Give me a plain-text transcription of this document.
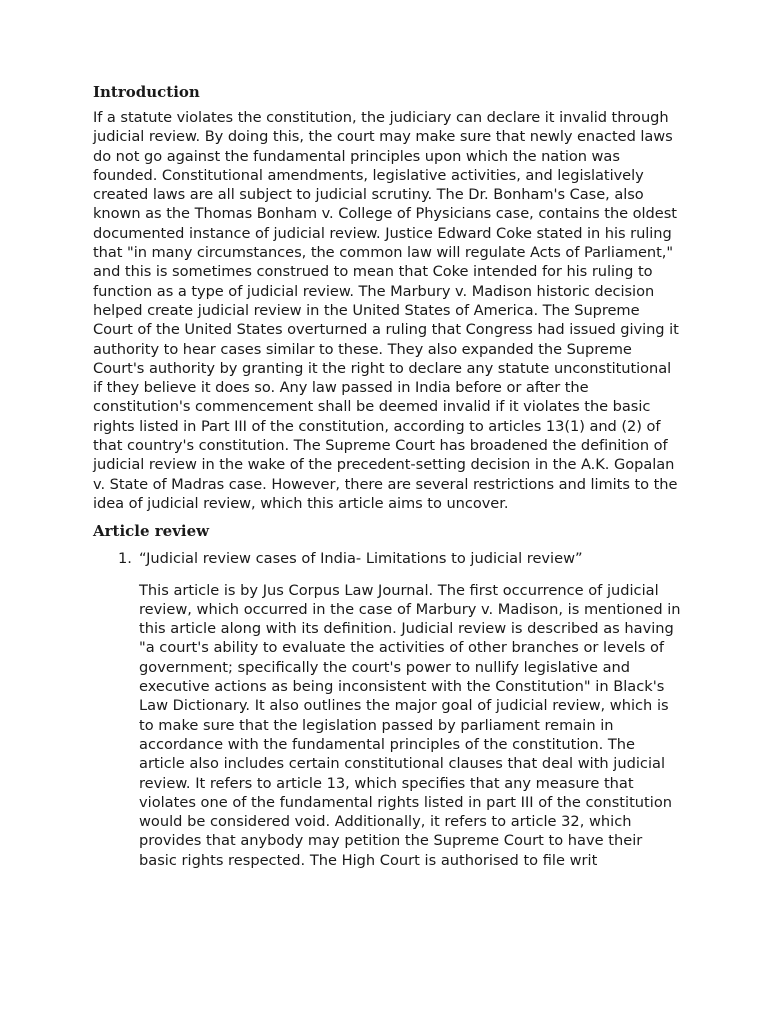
Introduction

If a statute violates the constitution, the judiciary can declare it invalid through judicial review. By doing this, the court may make sure that newly enacted laws do not go against the fundamental principles upon which the nation was founded. Constitutional amendments, legislative activities, and legislatively created laws are all subject to judicial scrutiny. The Dr. Bonham's Case, also known as the Thomas Bonham v. College of Physicians case, contains the oldest documented instance of judicial review. Justice Edward Coke stated in his ruling that "in many circumstances, the common law will regulate Acts of Parliament," and this is sometimes construed to mean that Coke intended for his ruling to function as a type of judicial review. The Marbury v. Madison historic decision helped create judicial review in the United States of America. The Supreme Court of the United States overturned a ruling that Congress had issued giving it authority to hear cases similar to these. They also expanded the Supreme Court's authority by granting it the right to declare any statute unconstitutional if they believe it does so. Any law passed in India before or after the constitution's commencement shall be deemed invalid if it violates the basic rights listed in Part III of the constitution, according to articles 13(1) and (2) of that country's constitution. The Supreme Court has broadened the definition of judicial review in the wake of the precedent-setting decision in the A.K. Gopalan v. State of Madras case. However, there are several restrictions and limits to the idea of judicial review, which this article aims to uncover.

Article review
1. “Judicial review cases of India- Limitations to judicial review”

This article is by Jus Corpus Law Journal. The first occurrence of judicial review, which occurred in the case of Marbury v. Madison, is mentioned in this article along with its definition. Judicial review is described as having "a court's ability to evaluate the activities of other branches or levels of government; specifically the court's power to nullify legislative and executive actions as being inconsistent with the Constitution" in Black's Law Dictionary. It also outlines the major goal of judicial review, which is to make sure that the legislation passed by parliament remain in accordance with the fundamental principles of the constitution. The article also includes certain constitutional clauses that deal with judicial review. It refers to article 13, which specifies that any measure that violates one of the fundamental rights listed in part III of the constitution would be considered void. Additionally, it refers to article 32, which provides that anybody may petition the Supreme Court to have their basic rights respected. The High Court is authorised to file writ
